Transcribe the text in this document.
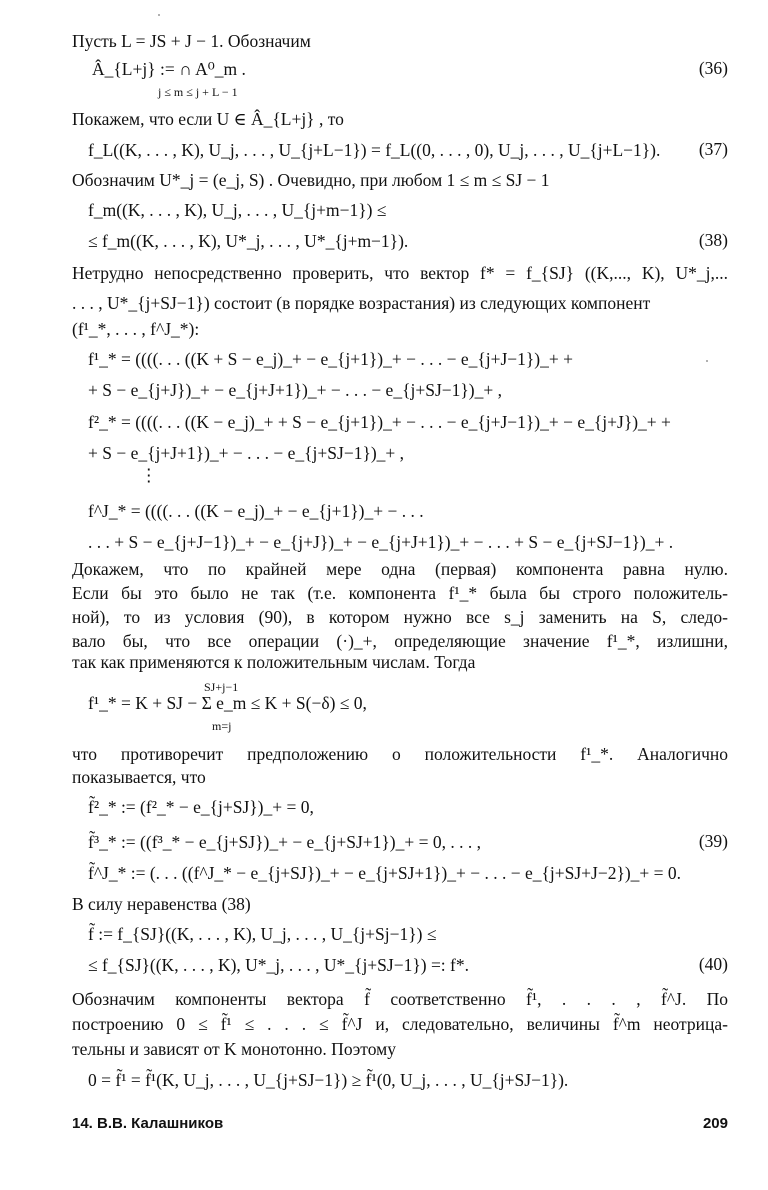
Пусть L = JS + J − 1. Обозначим
Â_{L+j} := ∩ A⁰_m .
Покажем, что если U ∈ Â_{L+j} , то
f_L((K, . . . , K), U_j, . . . , U_{j+L−1}) = f_L((0, . . . , 0), U_j, . . . , U_{j+L−1}).
Обозначим U*_j = (e_j, S) . Очевидно, при любом 1 ≤ m ≤ SJ − 1
f_m((K, . . . , K), U_j, . . . , U_{j+m−1}) ≤
≤ f_m((K, . . . , K), U*_j, . . . , U*_{j+m−1}).
. . . , U*_{j+SJ−1}) состоит (в порядке возрастания) из следующих компонент
(f¹_*, . . . , f^J_*):
f¹_* = ((((. . . ((K + S − e_j)_+ − e_{j+1})_+ − . . . − e_{j+J−1})_+ +
+ S − e_{j+J})_+ − e_{j+J+1})_+ − . . . − e_{j+SJ−1})_+ ,
f²_* = ((((. . . ((K − e_j)_+ + S − e_{j+1})_+ − . . . − e_{j+J−1})_+ − e_{j+J})_+ +
+ S − e_{j+J+1})_+ − . . . − e_{j+SJ−1})_+ ,
⋮
f^J_* = ((((. . . ((K − e_j)_+ − e_{j+1})_+ − . . .
. . . + S − e_{j+J−1})_+ − e_{j+J})_+ − e_{j+J+1})_+ − . . . + S − e_{j+SJ−1})_+ .
так как применяются к положительным числам. Тогда
f¹_* = K + SJ − Σ e_m ≤ K + S(−δ) ≤ 0,
показывается, что
f̃²_* := (f²_* − e_{j+SJ})_+ = 0,
f̃³_* := ((f³_* − e_{j+SJ})_+ − e_{j+SJ+1})_+ = 0, . . . ,
f̃^J_* := (. . . ((f^J_* − e_{j+SJ})_+ − e_{j+SJ+1})_+ − . . . − e_{j+SJ+J−2})_+ = 0.
В силу неравенства (38)
f̃ := f_{SJ}((K, . . . , K), U_j, . . . , U_{j+Sj−1}) ≤
≤ f_{SJ}((K, . . . , K), U*_j, . . . , U*_{j+SJ−1}) =: f*.
тельны и зависят от K монотонно. Поэтому
0 = f̃¹ = f̃¹(K, U_j, . . . , U_{j+SJ−1}) ≥ f̃¹(0, U_j, . . . , U_{j+SJ−1}).
Нетрудно непосредственно проверить, что вектор f* = f_{SJ} ((K,..., K), U*_j,...
Докажем, что по крайней мере одна (первая) компонента равна нулю.
Если бы это было не так (т.е. компонента f¹_* была бы строго положитель-
ной), то из условия (90), в котором нужно все s_j заменить на S, следо-
вало бы, что все операции (·)_+, определяющие значение f¹_*, излишни,
что противоречит предположению о положительности f¹_*. Аналогично
Обозначим компоненты вектора f̃ соответственно f̃¹, . . . , f̃^J. По
построению 0 ≤ f̃¹ ≤ . . . ≤ f̃^J и, следовательно, величины f̃^m неотрица-
j ≤ m ≤ j + L − 1
SJ+j−1
m=j
(36)
(37)
(38)
(39)
(40)
14. В.В. Калашников	209
